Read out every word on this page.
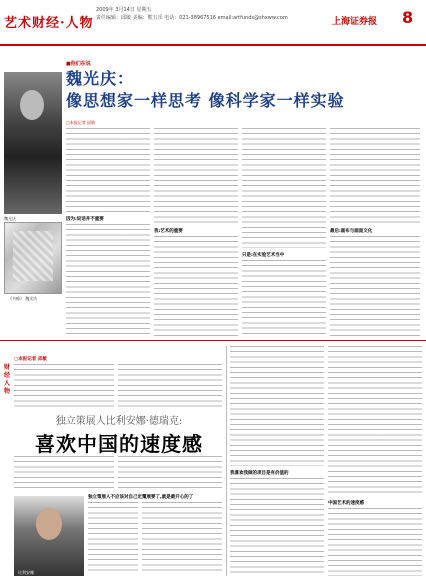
艺术财经·人物
2009年 3月14日 星期五
责任编辑：邱敏 美编：熊五乐 电话：021-38967516 email:artfunds@shxww.com	上海证券报 8
魏光庆
《书痴》 魏光庆
■他们在说
魏光庆：
像思想家一样思考 像科学家一样实验
□本报记者 邱敏
因为:说话并不重要
我:艺术的重要
只是:在实验艺术当中
最后:画布与画面文化
财经人物
□本报记者 邱敏
独立策展人比利安娜·德瑞克:
喜欢中国的速度感
独立策展人不应该对自己定义
比利安娜
策展要了,就是最开心的了
我喜欢我做的项目是有价值的
中国艺术的速度感
